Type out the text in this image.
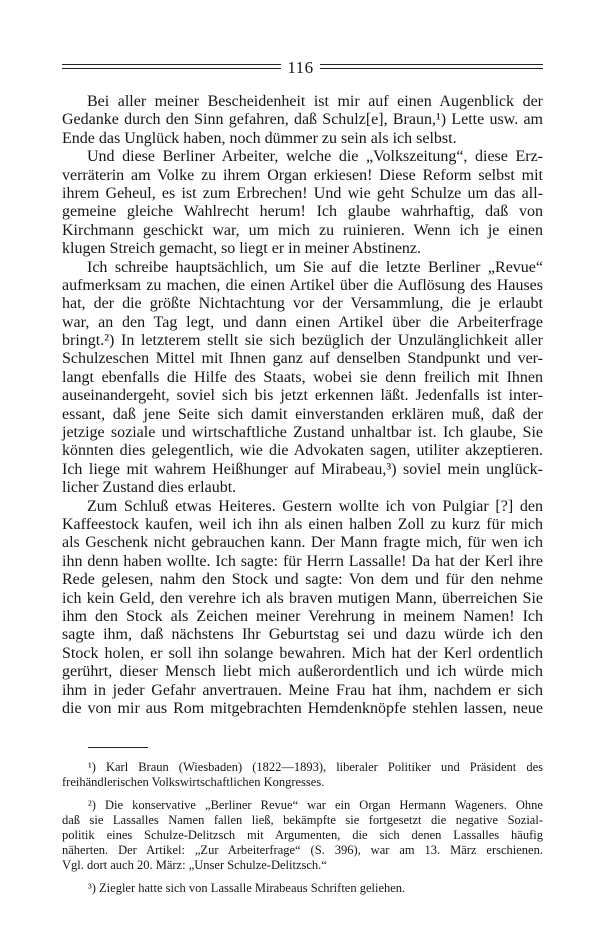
116
Bei aller meiner Bescheidenheit ist mir auf einen Augenblick der
Gedanke durch den Sinn gefahren, daß Schulz[e], Braun,¹) Lette usw. am
Ende das Unglück haben, noch dümmer zu sein als ich selbst.
Und diese Berliner Arbeiter, welche die „Volkszeitung“, diese Erz-
verräterin am Volke zu ihrem Organ erkiesen! Diese Reform selbst mit
ihrem Geheul, es ist zum Erbrechen! Und wie geht Schulze um das all-
gemeine gleiche Wahlrecht herum! Ich glaube wahrhaftig, daß von
Kirchmann geschickt war, um mich zu ruinieren. Wenn ich je einen
klugen Streich gemacht, so liegt er in meiner Abstinenz.
Ich schreibe hauptsächlich, um Sie auf die letzte Berliner „Revue“
aufmerksam zu machen, die einen Artikel über die Auflösung des Hauses
hat, der die größte Nichtachtung vor der Versammlung, die je erlaubt
war, an den Tag legt, und dann einen Artikel über die Arbeiterfrage
bringt.²) In letzterem stellt sie sich bezüglich der Unzulänglichkeit aller
Schulzeschen Mittel mit Ihnen ganz auf denselben Standpunkt und ver-
langt ebenfalls die Hilfe des Staats, wobei sie denn freilich mit Ihnen
auseinandergeht, soviel sich bis jetzt erkennen läßt. Jedenfalls ist inter-
essant, daß jene Seite sich damit einverstanden erklären muß, daß der
jetzige soziale und wirtschaftliche Zustand unhaltbar ist. Ich glaube, Sie
könnten dies gelegentlich, wie die Advokaten sagen, utiliter akzeptieren.
Ich liege mit wahrem Heißhunger auf Mirabeau,³) soviel mein unglück-
licher Zustand dies erlaubt.
Zum Schluß etwas Heiteres. Gestern wollte ich von Pulgiar [?] den
Kaffeestock kaufen, weil ich ihn als einen halben Zoll zu kurz für mich
als Geschenk nicht gebrauchen kann. Der Mann fragte mich, für wen ich
ihn denn haben wollte. Ich sagte: für Herrn Lassalle! Da hat der Kerl ihre
Rede gelesen, nahm den Stock und sagte: Von dem und für den nehme
ich kein Geld, den verehre ich als braven mutigen Mann, überreichen Sie
ihm den Stock als Zeichen meiner Verehrung in meinem Namen! Ich
sagte ihm, daß nächstens Ihr Geburtstag sei und dazu würde ich den
Stock holen, er soll ihn solange bewahren. Mich hat der Kerl ordentlich
gerührt, dieser Mensch liebt mich außerordentlich und ich würde mich
ihm in jeder Gefahr anvertrauen. Meine Frau hat ihm, nachdem er sich
die von mir aus Rom mitgebrachten Hemdenknöpfe stehlen lassen, neue
¹) Karl Braun (Wiesbaden) (1822—1893), liberaler Politiker und Präsident des
freihändlerischen Volkswirtschaftlichen Kongresses.
²) Die konservative „Berliner Revue“ war ein Organ Hermann Wageners. Ohne
daß sie Lassalles Namen fallen ließ, bekämpfte sie fortgesetzt die negative Sozial-
politik eines Schulze-Delitzsch mit Argumenten, die sich denen Lassalles häufig
näherten. Der Artikel: „Zur Arbeiterfrage“ (S. 396), war am 13. März erschienen.
Vgl. dort auch 20. März: „Unser Schulze-Delitzsch.“
³) Ziegler hatte sich von Lassalle Mirabeaus Schriften geliehen.
